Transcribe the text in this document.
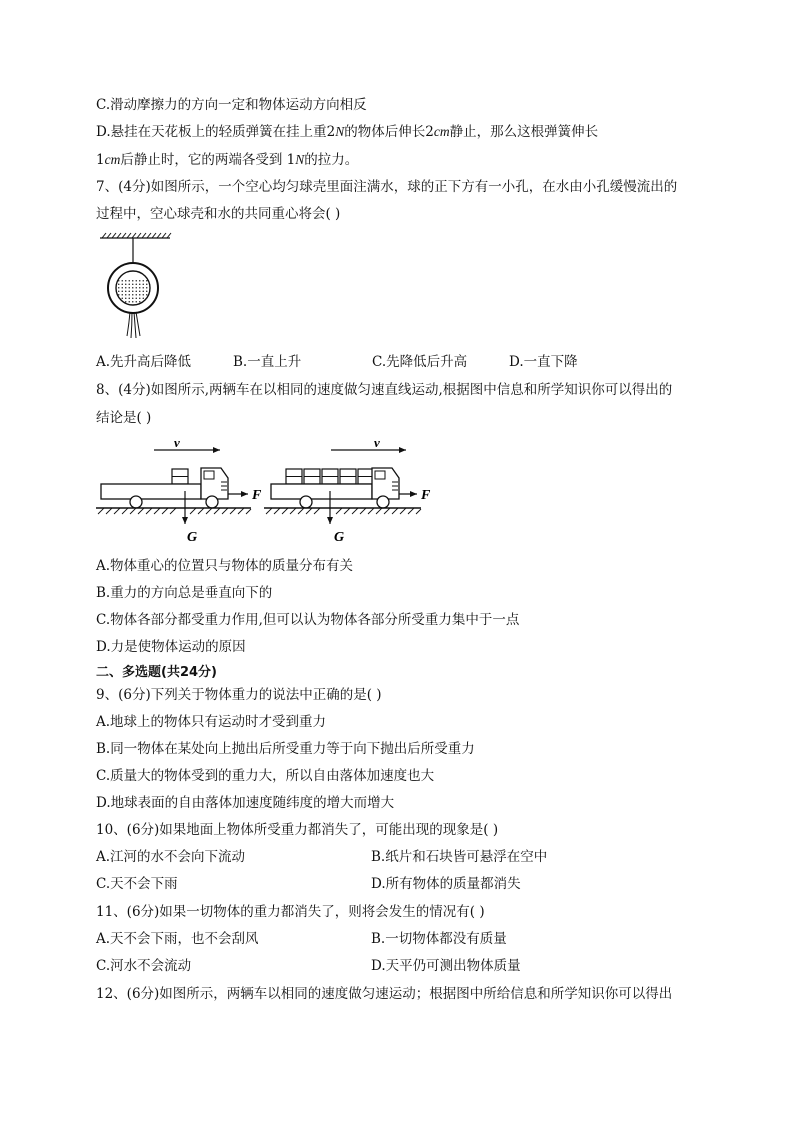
C.滑动摩擦力的方向一定和物体运动方向相反
D.悬挂在天花板上的轻质弹簧在挂上重2N的物体后伸长2cm静止，那么这根弹簧伸长
1cm后静止时，它的两端各受到 1N的拉力。
7、(4分)如图所示，一个空心均匀球壳里面注满水，球的正下方有一小孔，在水由小孔缓慢流出的
过程中，空心球壳和水的共同重心将会( )
A.先升高后降低	B.一直上升	C.先降低后升高	D.一直下降
8、(4分)如图所示,两辆车在以相同的速度做匀速直线运动,根据图中信息和所学知识你可以得出的
结论是( )
v
F
G
v
F
G
A.物体重心的位置只与物体的质量分布有关
B.重力的方向总是垂直向下的
C.物体各部分都受重力作用,但可以认为物体各部分所受重力集中于一点
D.力是使物体运动的原因
二、多选题(共24分)
9、(6分)下列关于物体重力的说法中正确的是( )
A.地球上的物体只有运动时才受到重力
B.同一物体在某处向上抛出后所受重力等于向下抛出后所受重力
C.质量大的物体受到的重力大，所以自由落体加速度也大
D.地球表面的自由落体加速度随纬度的增大而增大
10、(6分)如果地面上物体所受重力都消失了，可能出现的现象是( )
A.江河的水不会向下流动	B.纸片和石块皆可悬浮在空中
C.天不会下雨	D.所有物体的质量都消失
11、(6分)如果一切物体的重力都消失了，则将会发生的情况有( )
A.天不会下雨，也不会刮风	B.一切物体都没有质量
C.河水不会流动	D.天平仍可测出物体质量
12、(6分)如图所示，两辆车以相同的速度做匀速运动；根据图中所给信息和所学知识你可以得出
